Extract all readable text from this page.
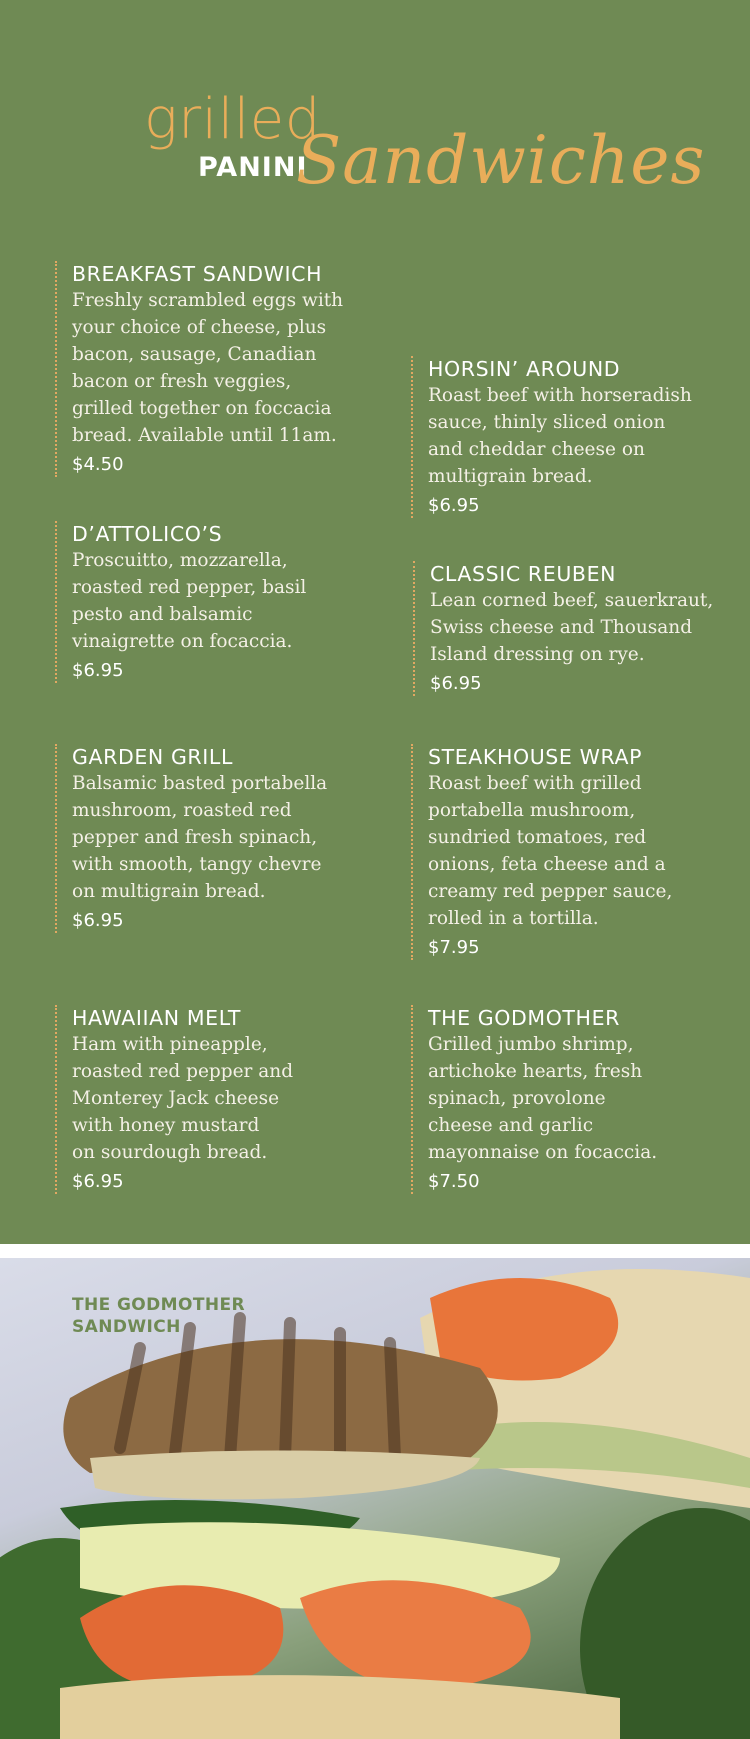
grilled
PANINI
Sandwiches
BREAKFAST SANDWICH
Freshly scrambled eggs with
your choice of cheese, plus
bacon, sausage, Canadian
bacon or fresh veggies,
grilled together on foccacia
bread. Available until 11am.
$4.50
D’ATTOLICO’S
Proscuitto, mozzarella,
roasted red pepper, basil
pesto and balsamic
vinaigrette on focaccia.
$6.95
GARDEN GRILL
Balsamic basted portabella
mushroom, roasted red
pepper and fresh spinach,
with smooth, tangy chevre
on multigrain bread.
$6.95
HAWAIIAN MELT
Ham with pineapple,
roasted red pepper and
Monterey Jack cheese
with honey mustard
on sourdough bread.
$6.95
HORSIN’ AROUND
Roast beef with horseradish
sauce, thinly sliced onion
and cheddar cheese on
multigrain bread.
$6.95
CLASSIC REUBEN
Lean corned beef, sauerkraut,
Swiss cheese and Thousand
Island dressing on rye.
$6.95
STEAKHOUSE WRAP
Roast beef with grilled
portabella mushroom,
sundried tomatoes, red
onions, feta cheese and a
creamy red pepper sauce,
rolled in a tortilla.
$7.95
THE GODMOTHER
Grilled jumbo shrimp,
artichoke hearts, fresh
spinach, provolone
cheese and garlic
mayonnaise on focaccia.
$7.50
THE GODMOTHER
SANDWICH
